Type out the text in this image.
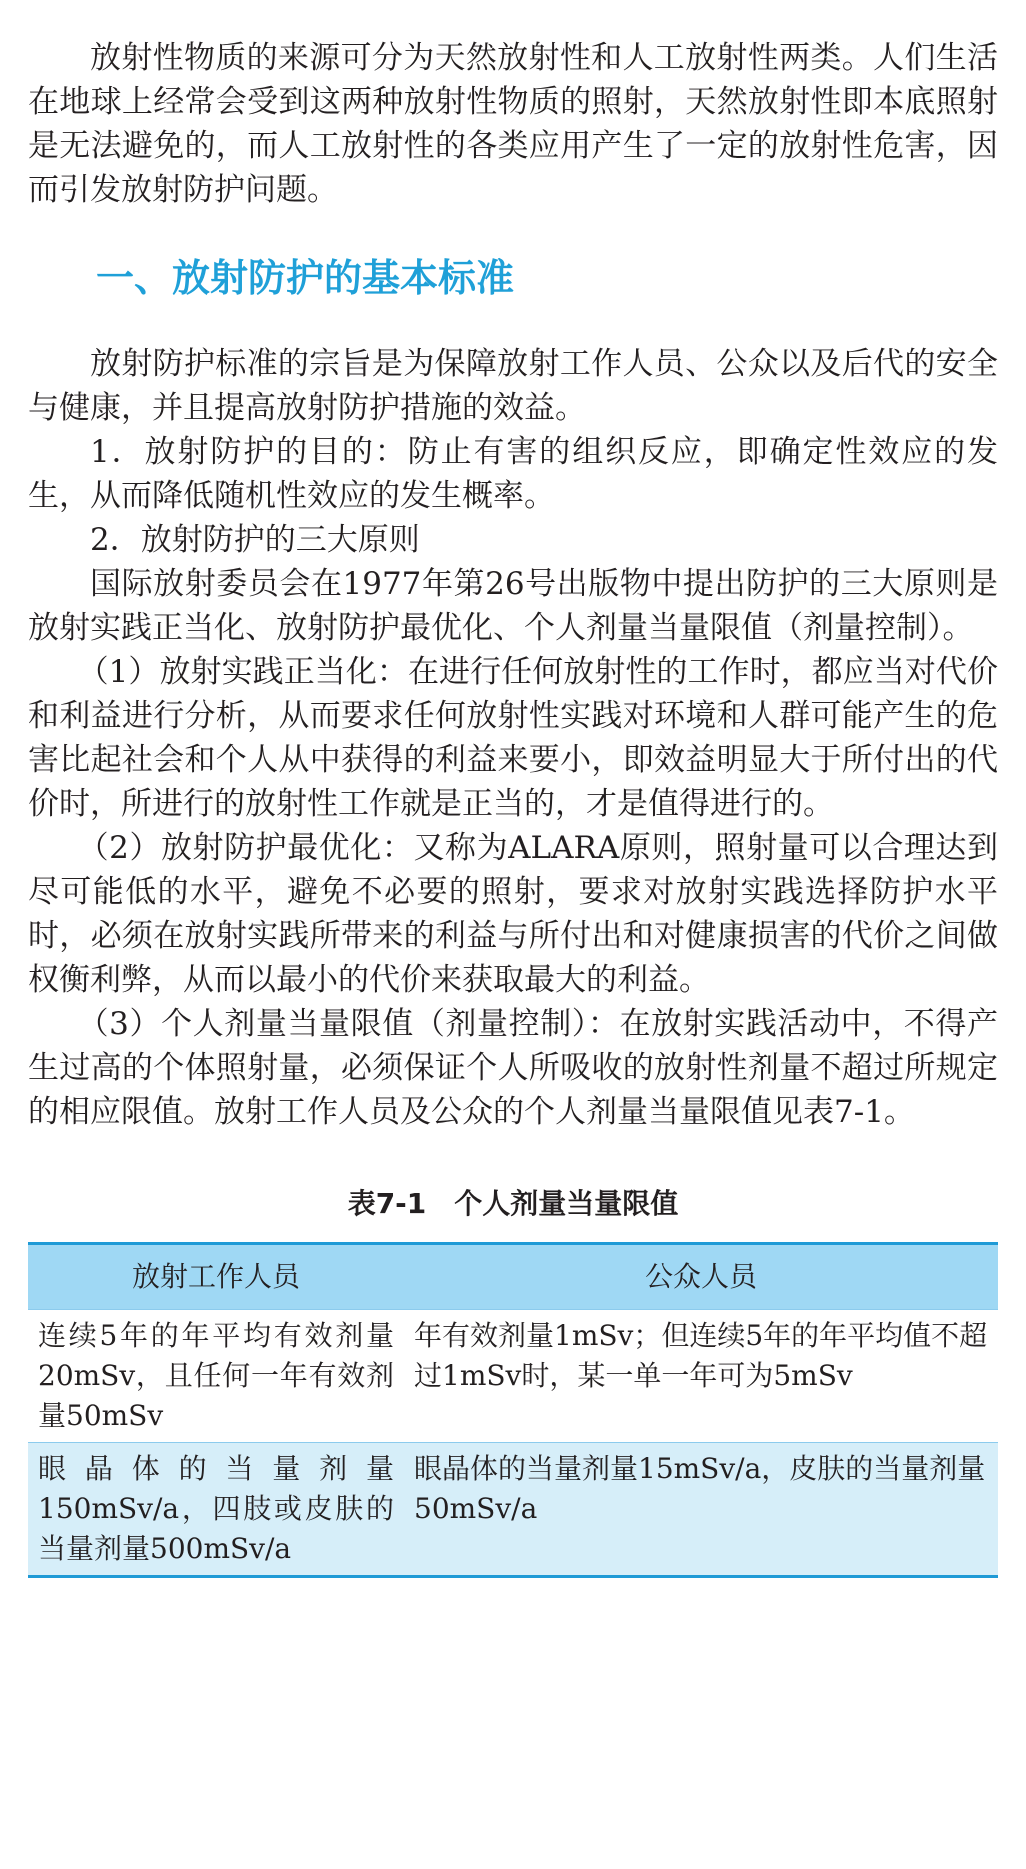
放射性物质的来源可分为天然放射性和人工放射性两类。人们生活在地球上经常会受到这两种放射性物质的照射，天然放射性即本底照射是无法避免的，而人工放射性的各类应用产生了一定的放射性危害，因而引发放射防护问题。

一、放射防护的基本标准

放射防护标准的宗旨是为保障放射工作人员、公众以及后代的安全与健康，并且提高放射防护措施的效益。

1．放射防护的目的：防止有害的组织反应，即确定性效应的发生，从而降低随机性效应的发生概率。

2．放射防护的三大原则

国际放射委员会在1977年第26号出版物中提出防护的三大原则是放射实践正当化、放射防护最优化、个人剂量当量限值（剂量控制）。

（1）放射实践正当化：在进行任何放射性的工作时，都应当对代价和利益进行分析，从而要求任何放射性实践对环境和人群可能产生的危害比起社会和个人从中获得的利益来要小，即效益明显大于所付出的代价时，所进行的放射性工作就是正当的，才是值得进行的。

（2）放射防护最优化：又称为ALARA原则，照射量可以合理达到尽可能低的水平，避免不必要的照射，要求对放射实践选择防护水平时，必须在放射实践所带来的利益与所付出和对健康损害的代价之间做权衡利弊，从而以最小的代价来获取最大的利益。

（3）个人剂量当量限值（剂量控制）：在放射实践活动中，不得产生过高的个体照射量，必须保证个人所吸收的放射性剂量不超过所规定的相应限值。放射工作人员及公众的个人剂量当量限值见表7-1。

表7-1　个人剂量当量限值
放射工作人员	公众人员
连续5年的年平均有效剂量20mSv，且任何一年有效剂量50mSv	年有效剂量1mSv；但连续5年的年平均值不超过1mSv时，某一单一年可为5mSv
眼晶体的当量剂量150mSv/a，四肢或皮肤的当量剂量500mSv/a	眼晶体的当量剂量15mSv/a，皮肤的当量剂量50mSv/a
